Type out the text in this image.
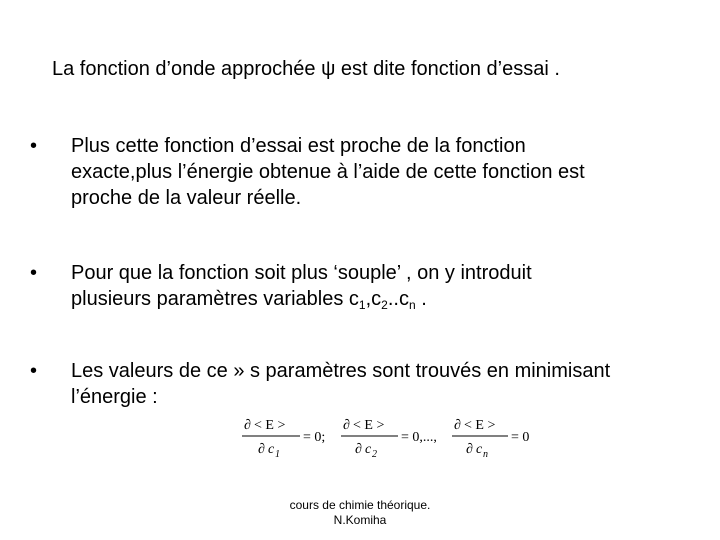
La fonction d’onde approchée ψ est dite fonction d’essai .
•	Plus cette fonction d’essai est proche de la fonction
exacte,plus l’énergie obtenue à l’aide de cette fonction est
proche de la valeur réelle.
•	Pour que la fonction soit plus ‘souple’ , on y introduit
plusieurs paramètres variables $c_1,c_2..c_n$ .
•	Les valeurs de ce » s paramètres sont trouvés en minimisant
l’énergie :
∂ < E >
∂ c 1
= 0;
∂ < E >
∂ c 2
= 0,...,
∂ < E >
∂ c n
= 0
cours de chimie théorique.
N.Komiha
